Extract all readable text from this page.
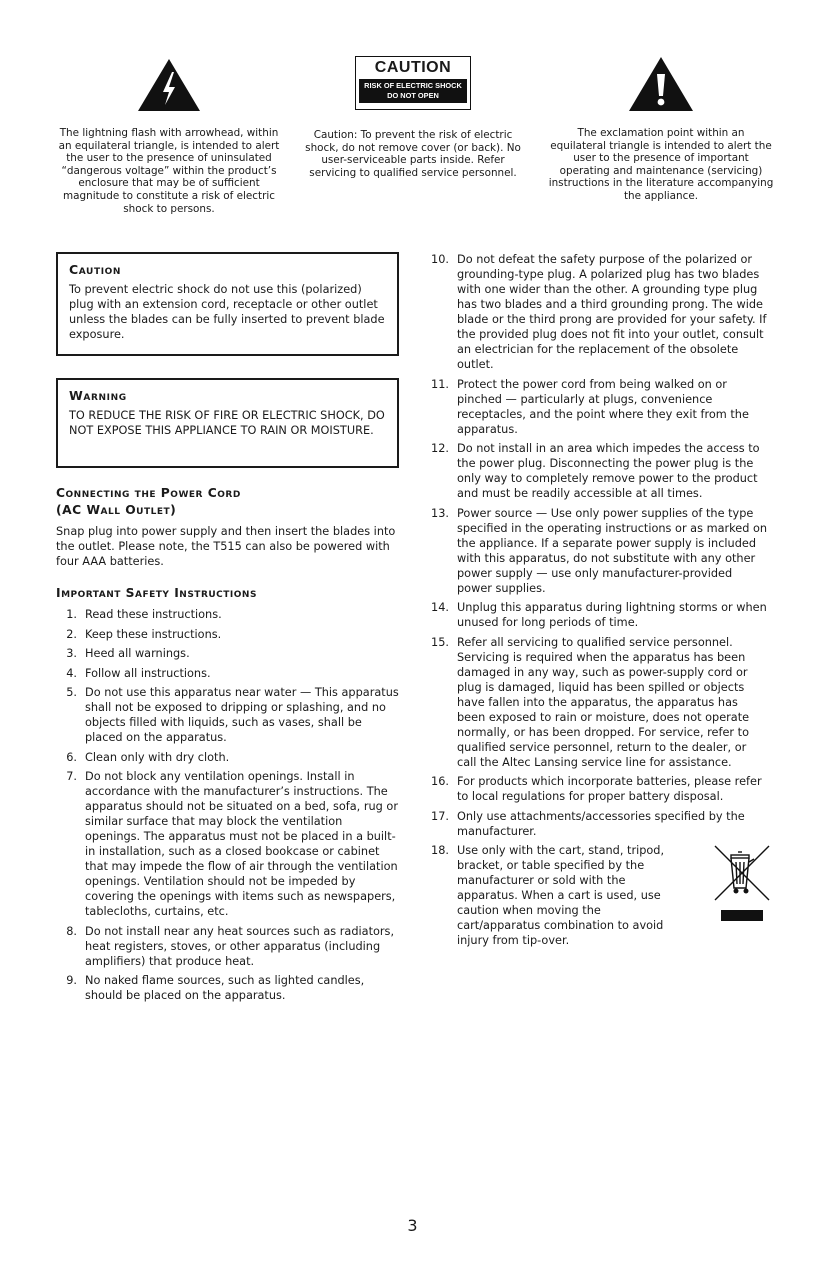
The lightning flash with arrowhead, within an equilateral triangle, is intended to alert the user to the presence of uninsulated “dangerous voltage” within the product’s enclosure that may be of sufficient magnitude to constitute a risk of electric shock to persons.
CAUTION
RISK OF ELECTRIC SHOCK
DO NOT OPEN
Caution: To prevent the risk of electric shock, do not remove cover (or back). No user-serviceable parts inside. Refer servicing to qualified service personnel.
The exclamation point within an equilateral triangle is intended to alert the user to the presence of important operating and maintenance (servicing) instructions in the literature accompanying the appliance.
Caution
To prevent electric shock do not use this (polarized) plug with an extension cord, receptacle or other outlet unless the blades can be fully inserted to prevent blade exposure.
Warning
TO REDUCE THE RISK OF FIRE OR ELECTRIC SHOCK, DO NOT EXPOSE THIS APPLIANCE TO RAIN OR MOISTURE.
Connecting the Power Cord
(AC Wall Outlet)
Snap plug into power supply and then insert the blades into the outlet. Please note, the T515 can also be powered with four AAA batteries.
Important Safety Instructions
1. Read these instructions.
2. Keep these instructions.
3. Heed all warnings.
4. Follow all instructions.
5. Do not use this apparatus near water — This apparatus shall not be exposed to dripping or splashing, and no objects filled with liquids, such as vases, shall be placed on the apparatus.
6. Clean only with dry cloth.
7. Do not block any ventilation openings. Install in accordance with the manufacturer’s instructions. The apparatus should not be situated on a bed, sofa, rug or similar surface that may block the ventilation openings. The apparatus must not be placed in a built-in installation, such as a closed bookcase or cabinet that may impede the flow of air through the ventilation openings. Ventilation should not be impeded by covering the openings with items such as newspapers, tablecloths, curtains, etc.
8. Do not install near any heat sources such as radiators, heat registers, stoves, or other apparatus (including amplifiers) that produce heat.
9. No naked flame sources, such as lighted candles, should be placed on the apparatus.
10. Do not defeat the safety purpose of the polarized or grounding-type plug. A polarized plug has two blades with one wider than the other. A grounding type plug has two blades and a third grounding prong. The wide blade or the third prong are provided for your safety. If the provided plug does not fit into your outlet, consult an electrician for the replacement of the obsolete outlet.
11. Protect the power cord from being walked on or pinched — particularly at plugs, convenience receptacles, and the point where they exit from the apparatus.
12. Do not install in an area which impedes the access to the power plug. Disconnecting the power plug is the only way to completely remove power to the product and must be readily accessible at all times.
13. Power source — Use only power supplies of the type specified in the operating instructions or as marked on the appliance. If a separate power supply is included with this apparatus, do not substitute with any other power supply — use only manufacturer-provided power supplies.
14. Unplug this apparatus during lightning storms or when unused for long periods of time.
15. Refer all servicing to qualified service personnel. Servicing is required when the apparatus has been damaged in any way, such as power-supply cord or plug is damaged, liquid has been spilled or objects have fallen into the apparatus, the apparatus has been exposed to rain or moisture, does not operate normally, or has been dropped. For service, refer to qualified service personnel, return to the dealer, or call the Altec Lansing service line for assistance.
16. For products which incorporate batteries, please refer to local regulations for proper battery disposal.
17. Only use attachments/accessories specified by the manufacturer.
18. Use only with the cart, stand, tripod, bracket, or table specified by the manufacturer or sold with the apparatus. When a cart is used, use caution when moving the cart/apparatus combination to avoid injury from tip-over.
3
